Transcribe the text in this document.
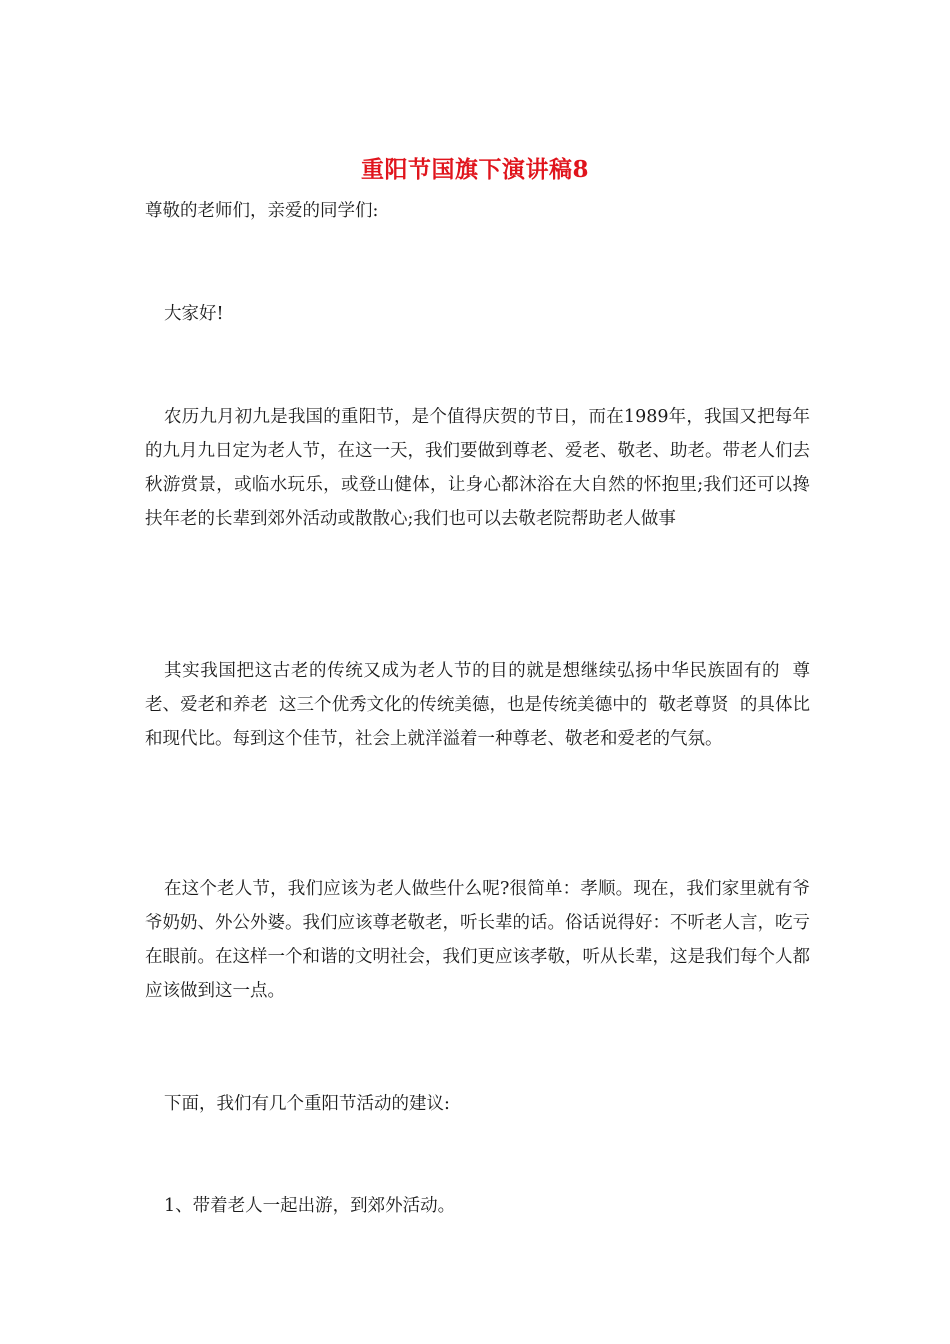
重阳节国旗下演讲稿8

尊敬的老师们，亲爱的同学们:

大家好!

农历九月初九是我国的重阳节，是个值得庆贺的节日，而在1989年，我国又把每年的九月九日定为老人节，在这一天，我们要做到尊老、爱老、敬老、助老。带老人们去秋游赏景，或临水玩乐，或登山健体，让身心都沐浴在大自然的怀抱里;我们还可以搀扶年老的长辈到郊外活动或散散心;我们也可以去敬老院帮助老人做事

其实我国把这古老的传统又成为老人节的目的就是想继续弘扬中华民族固有的  尊老、爱老和养老  这三个优秀文化的传统美德，也是传统美德中的  敬老尊贤  的具体比和现代比。每到这个佳节，社会上就洋溢着一种尊老、敬老和爱老的气氛。

在这个老人节，我们应该为老人做些什么呢?很简单：孝顺。现在，我们家里就有爷爷奶奶、外公外婆。我们应该尊老敬老，听长辈的话。俗话说得好：不听老人言，吃亏在眼前。在这样一个和谐的文明社会，我们更应该孝敬，听从长辈，这是我们每个人都应该做到这一点。

下面，我们有几个重阳节活动的建议:

1、带着老人一起出游，到郊外活动。
